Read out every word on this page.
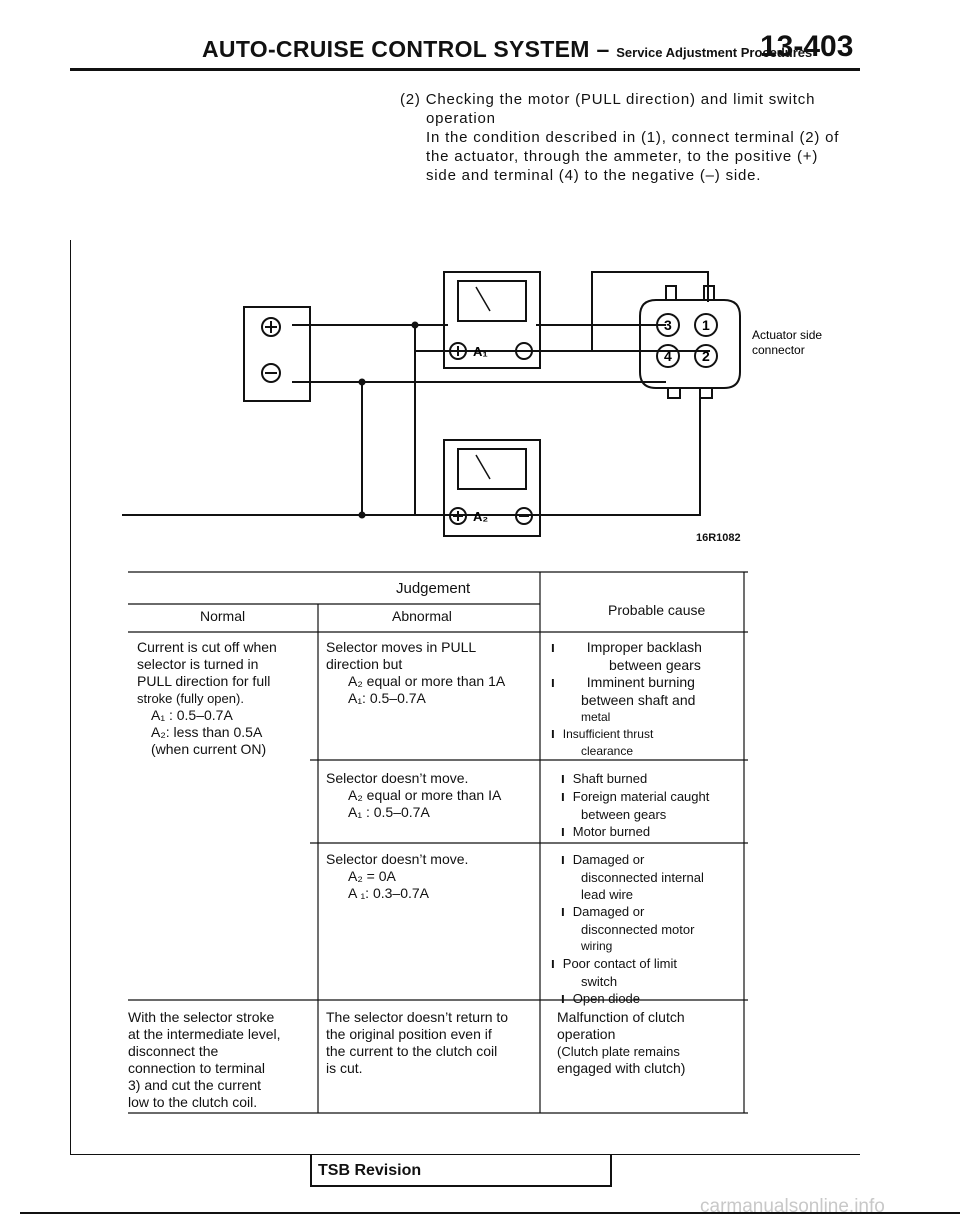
AUTO-CRUISE CONTROL SYSTEM – Service Adjustment Procedures
13-403

(2) Checking the motor (PULL direction) and limit switch

operation

In the condition described in (1), connect terminal (2) of

the actuator, through the ammeter, to the positive (+)

side and terminal (4) to the negative (–) side.

A₁
A₂
3 1
4 2
Actuator side
connector
16R1082
Judgement
Normal	Abnormal	Probable cause

Current is cut off when

selector is turned in

PULL direction for full

stroke (fully open).

A₁ : 0.5–0.7A

A₂: less than 0.5A

(when current ON)

Selector moves in PULL

direction but

A₂ equal or more than 1A

A₁: 0.5–0.7A

l Improper backlash

between gears

l Imminent burning

between shaft and

metal

l Insufficient thrust

clearance

Selector doesn’t move.

A₂ equal or more than IA

A₁ : 0.5–0.7A

l Shaft burned

l Foreign material caught

between gears

l Motor burned

Selector doesn’t move.

A₂ = 0A

A ₁: 0.3–0.7A

l Damaged or

disconnected internal

lead wire

l Damaged or

disconnected motor

wiring

l Poor contact of limit

switch

l Open diode

With the selector stroke

at the intermediate level,

disconnect the

connection to terminal

3) and cut the current

low to the clutch coil.

The selector doesn’t return to

the original position even if

the current to the clutch coil

is cut.

Malfunction of clutch

operation

(Clutch plate remains

engaged with clutch)

TSB Revision
carmanualsonline.info
